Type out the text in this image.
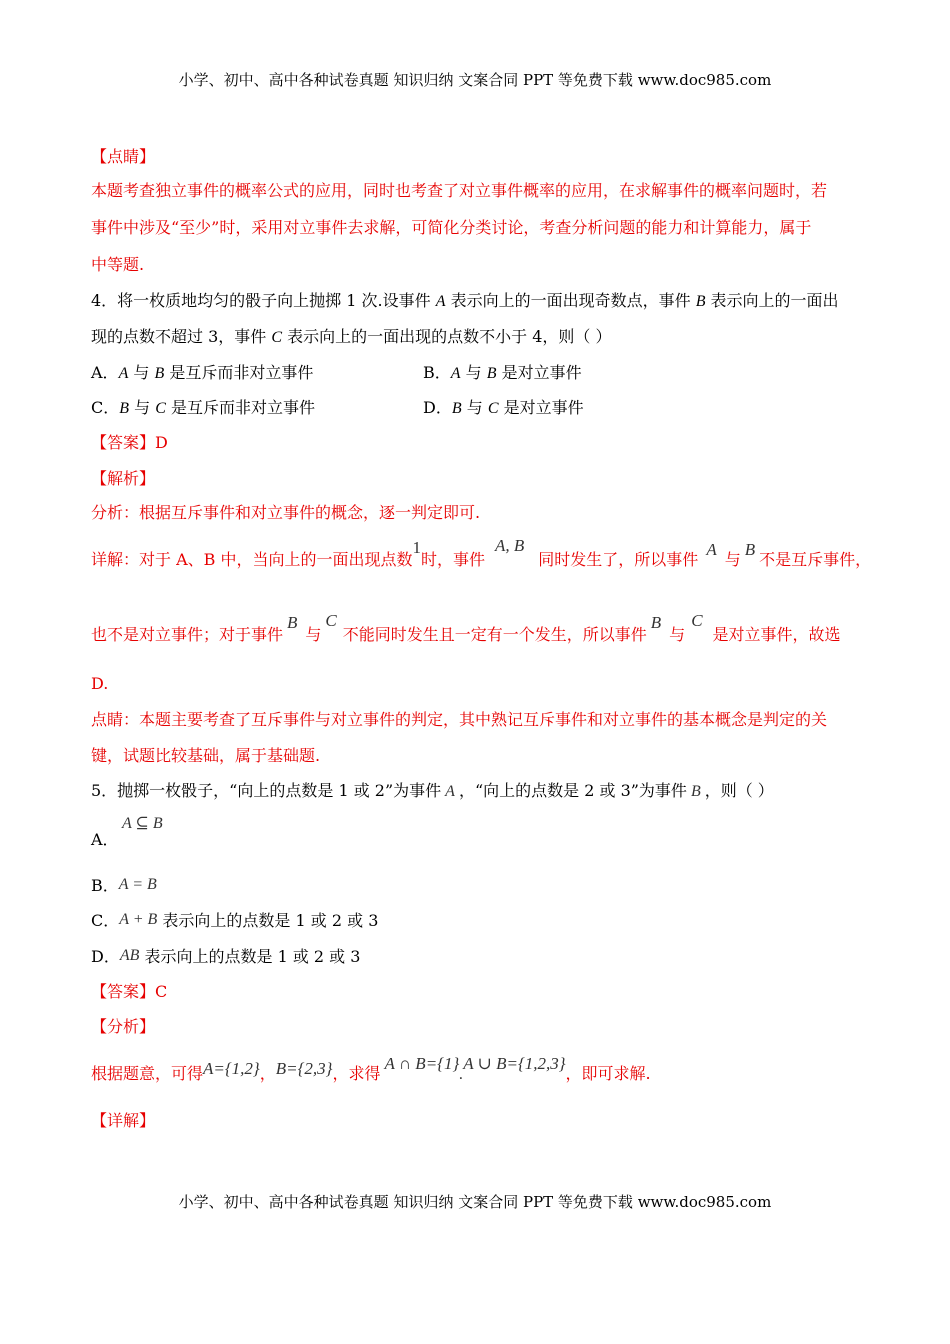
小学、初中、高中各种试卷真题 知识归纳 文案合同 PPT 等免费下载 www.doc985.com
【点睛】
本题考查独立事件的概率公式的应用，同时也考查了对立事件概率的应用，在求解事件的概率问题时，若
事件中涉及“至少”时，采用对立事件去求解，可简化分类讨论，考查分析问题的能力和计算能力，属于
中等题.
4．将一枚质地均匀的骰子向上抛掷 1 次.设事件 A 表示向上的一面出现奇数点，事件 B 表示向上的一面出
现的点数不超过 3，事件 C 表示向上的一面出现的点数不小于 4，则（ ）
A．A 与 B 是互斥而非对立事件	B．A 与 B 是对立事件
C．B 与 C 是互斥而非对立事件	D．B 与 C 是对立事件
【答案】D
【解析】
分析：根据互斥事件和对立事件的概念，逐一判定即可.
详解：对于 A、B 中，当向上的一面出现点数1时，事件A, B同时发生了，所以事件A与B不是互斥事件，
也不是对立事件；对于事件B与C不能同时发生且一定有一个发生，所以事件B与C是对立事件，故选
D.
点睛：本题主要考查了互斥事件与对立事件的判定，其中熟记互斥事件和对立事件的基本概念是判定的关
键，试题比较基础，属于基础题.
5．抛掷一枚骰子，“向上的点数是 1 或 2”为事件 A ，“向上的点数是 2 或 3”为事件 B ，则（ ）
A．
A ⊆ B
B．A = B
C．A + B 表示向上的点数是 1 或 2 或 3
D．AB 表示向上的点数是 1 或 2 或 3
【答案】C
【分析】
根据题意，可得A={1,2}，B={2,3}，求得A ∩ B={1}.A ∪ B={1,2,3}，即可求解.
【详解】
小学、初中、高中各种试卷真题 知识归纳 文案合同 PPT 等免费下载 www.doc985.com
